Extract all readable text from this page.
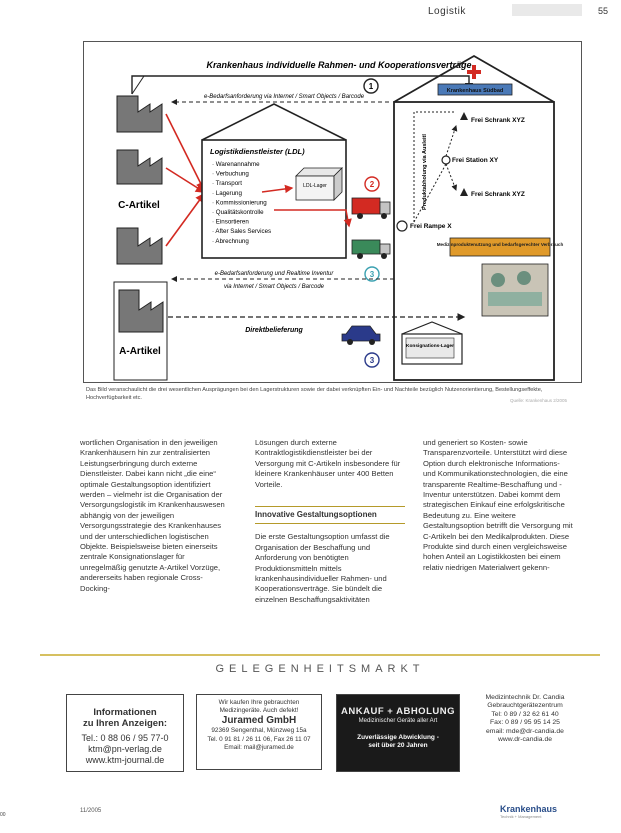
Logistik	55
Krankenhaus individuelle Rahmen- und Kooperationsverträge
C-Artikel
A-Artikel
e-Bedarfsanforderung via Internet / Smart Objects / Barcode
1
Logistikdienstleister (LDL)
· Warenannahme
· Verbuchung
· Transport
· Lagerung
· Kommissionierung
· Qualitätskontrolle
· Einsortieren
· After Sales Services
· Abrechnung
LDL-Lager	2
3
Krankenhaus Südbad
Frei Schrank XYZ
Frei Station XY
Frei Schrank XYZ
Produktabholung via Ausleitl
Frei Rampe X
Medizinproduktenutzung und bedarfsgerechter Verbrauch
e-Bedarfsanforderung und Realtime Inventur
via Internet / Smart Objects / Barcode
Direktbelieferung
3
Konsignations-Lager
Das Bild veranschaulicht die drei wesentlichen Ausprägungen bei den Lagerstrukturen sowie der dabei verknüpften Ein- und Nachteile bezüglich Nutzenorientierung, Bestellungseffekte, Hochverfügbarkeit etc.	Quelle: Krankenhaus 2/2005

wortlichen Organisation in den jeweiligen Krankenhäusern hin zur zentralisierten Leistungserbringung durch externe Dienstleister. Dabei kann nicht „die eine“ optimale Gestaltungsoption identifiziert werden – vielmehr ist die Organisation der Versorgungslogistik im Krankenhauswesen abhängig von der jeweiligen Versorgungsstrategie des Krankenhauses und der unterschiedlichen logistischen Objekte. Beispielsweise bieten einerseits zentrale Konsignationslager für unregelmäßig genutzte A-Artikel Vorzüge, andererseits haben regionale Cross-Docking-

Lösungen durch externe Kontraktlogistikdienstleister bei der Versorgung mit C-Artikeln insbesondere für kleinere Krankenhäuser unter 400 Betten Vorteile.

Innovative Gestaltungsoptionen

Die erste Gestaltungsoption umfasst die Organisation der Beschaffung und Anforderung von benötigten Produktionsmitteln mittels krankenhausindividueller Rahmen- und Kooperationsverträge. Sie bündelt die einzelnen Beschaffungsaktivitäten

und generiert so Kosten- sowie Transparenzvorteile. Unterstützt wird diese Option durch elektronische Informations- und Kommunikationstechnologien, die eine transparente Realtime-Beschaffung und -Inventur unterstützen. Dabei kommt dem strategischen Einkauf eine erfolgskritische Bedeutung zu. Eine weitere Gestaltungsoption betrifft die Versorgung mit C-Artikeln bei den Medikalprodukten. Diese Produkte sind durch einen vergleichsweise hohen Anteil an Logistikkosten bei einem relativ niedrigen Materialwert gekenn-

GELEGENHEITSMARKT
Informationen
zu Ihren Anzeigen:
Tel.: 0 88 06 / 95 77-0
ktm@pn-verlag.de
www.ktm-journal.de
Wir kaufen Ihre gebrauchten
Medizingeräte. Auch defekt!
Juramed GmbH
92369 Sengenthal, Münzweg 15a
Tel. 0 91 81 / 26 11 06, Fax 26 11 07
Email: mail@juramed.de
ANKAUF + ABHOLUNG
Medizinischer Geräte aller Art
Zuverlässige Abwicklung -
seit über 20 Jahren
Medizintechnik Dr. Candia
Gebrauchtgerätezentrum
Tel: 0 89 / 32 62 61 40
Fax: 0 89 / 95 95 14 25
email: mde@dr-candia.de
www.dr-candia.de
00
11/2005	Krankenhaus
Technik + Management
